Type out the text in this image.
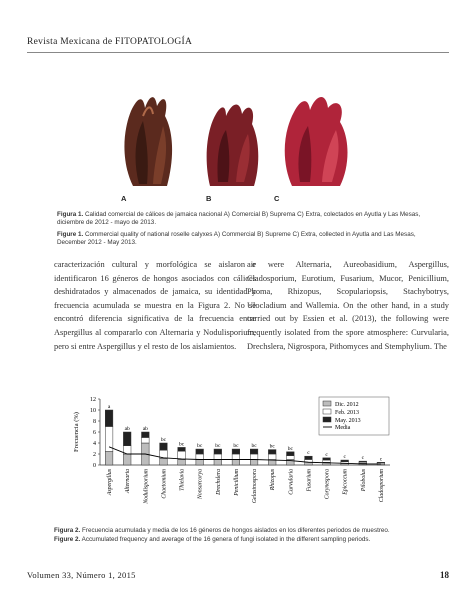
Revista Mexicana de FITOPATOLOGÍA
A	B	C
Figura 1. Calidad comercial de cálices de jamaica nacional A) Comercial B) Suprema C) Extra, colectados en Ayutla y Las Mesas, diciembre de 2012 - mayo de 2013.
Figure 1. Commercial quality of national roselle calyxes A) Commercial B) Supreme C) Extra, collected in Ayutla and Las Mesas, December 2012 - May 2013.
caracterización cultural y morfológica se aislaron e identificaron 16 géneros de hongos asociados con cálices deshidratados y almacenados de jamaica, su identidad y frecuencia acumulada se muestra en la Figura 2. No se encontró diferencia significativa de la frecuencia entre Aspergillus al compararlo con Alternaria y Nodulisporium, pero si entre Aspergillus y el resto de los aislamientos.
air were Alternaria, Aureobasidium, Aspergillus, Cladosporium, Eurotium, Fusarium, Mucor, Penicillium, Phoma, Rhizopus, Scopulariopsis, Stachybotrys, Ulocladium and Wallemia. On the other hand, in a study carried out by Essien et al. (2013), the following were frequently isolated from the spore atmosphere: Curvularia, Drechslera, Nigrospora, Pithomyces and Stemphylium. The
Frecuencia (%)
0
2
4
6
8
10
12
a
Aspergillus
ab
Alternaria
ab
Nodulisporium
bc
Chaetomium
bc
Thielavia
bc
Nonsarcorya
bc
Drechslera
bc
Penicillium
bc
Gelasinospora
bc
Rhizopus
bc
Curvularia
c
Fusarium
c
Corynespora
c
Epicoccum
c
Pilobolus
c
Cladosporium
Dic. 2012
Feb. 2013
May. 2013
Media
Figura 2. Frecuencia acumulada y media de los 16 géneros de hongos aislados en los diferentes periodos de muestreo.
Figure 2. Accumulated frequency and average of the 16 genera of fungi isolated in the different sampling periods.
Volumen 33, Número 1, 2015	18
